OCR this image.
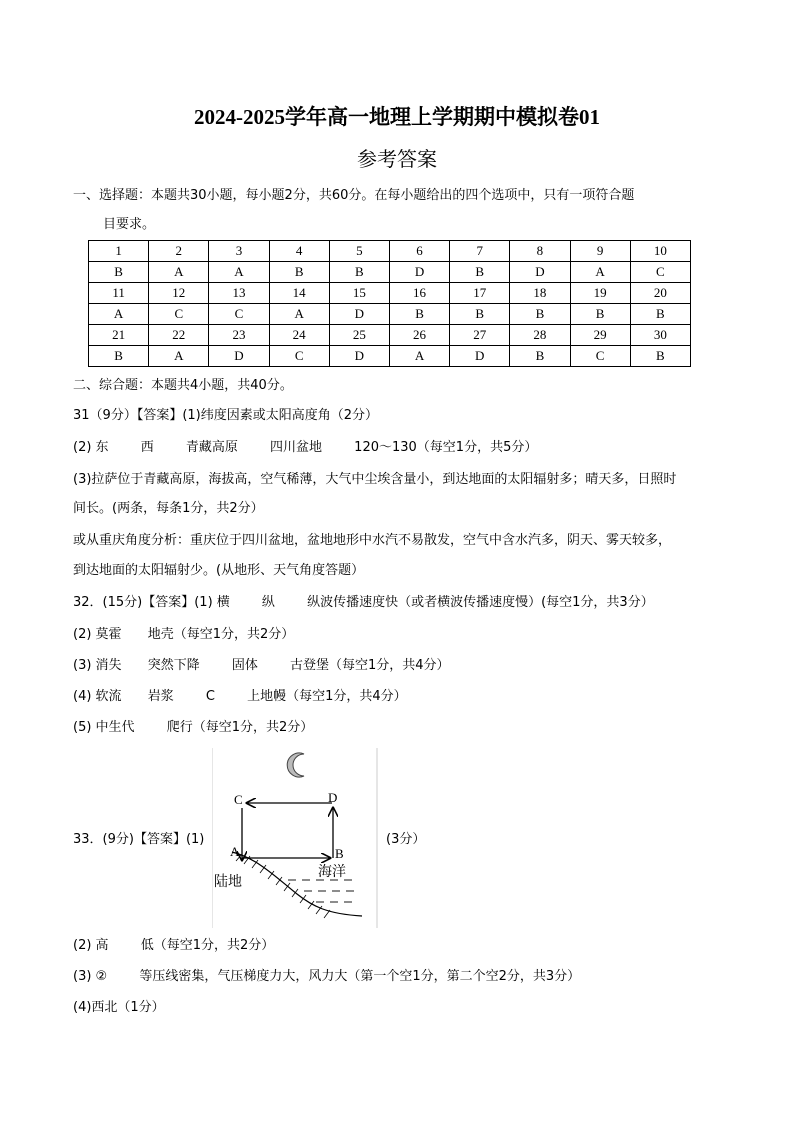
2024-2025学年高一地理上学期期中模拟卷01
参考答案
一、选择题：本题共30小题，每小题2分，共60分。在每小题给出的四个选项中，只有一项符合题
目要求。
1	2	3	4	5	6	7	8	9	10
B	A	A	B	B	D	B	D	A	C
11	12	13	14	15	16	17	18	19	20
A	C	C	A	D	B	B	B	B	B
21	22	23	24	25	26	27	28	29	30
B	A	D	C	D	A	D	B	C	B
二、综合题：本题共4小题，共40分。
31（9分）【答案】(1)纬度因素或太阳高度角（2分）
(2) 东 西 青藏高原 四川盆地 120～130（每空1分，共5分）
(3)拉萨位于青藏高原，海拔高，空气稀薄，大气中尘埃含量小，到达地面的太阳辐射多；晴天多，日照时
间长。(两条，每条1分，共2分）
或从重庆角度分析：重庆位于四川盆地，盆地地形中水汽不易散发，空气中含水汽多，阴天、雾天较多，
到达地面的太阳辐射少。(从地形、天气角度答题）
32．(15分)【答案】(1) 横 纵 纵波传播速度快（或者横波传播速度慢）(每空1分，共3分）
(2) 莫霍 地壳（每空1分，共2分）
(3) 消失 突然下降 固体 古登堡（每空1分，共4分）
(4) 软流 岩浆 C 上地幔（每空1分，共4分）
(5) 中生代 爬行（每空1分，共2分）
33．(9分)【答案】(1)	(3分）
C	D
A	B
陆地
海洋
(2) 高 低（每空1分，共2分）
(3) ② 等压线密集，气压梯度力大，风力大（第一个空1分，第二个空2分，共3分）
(4)西北（1分）
